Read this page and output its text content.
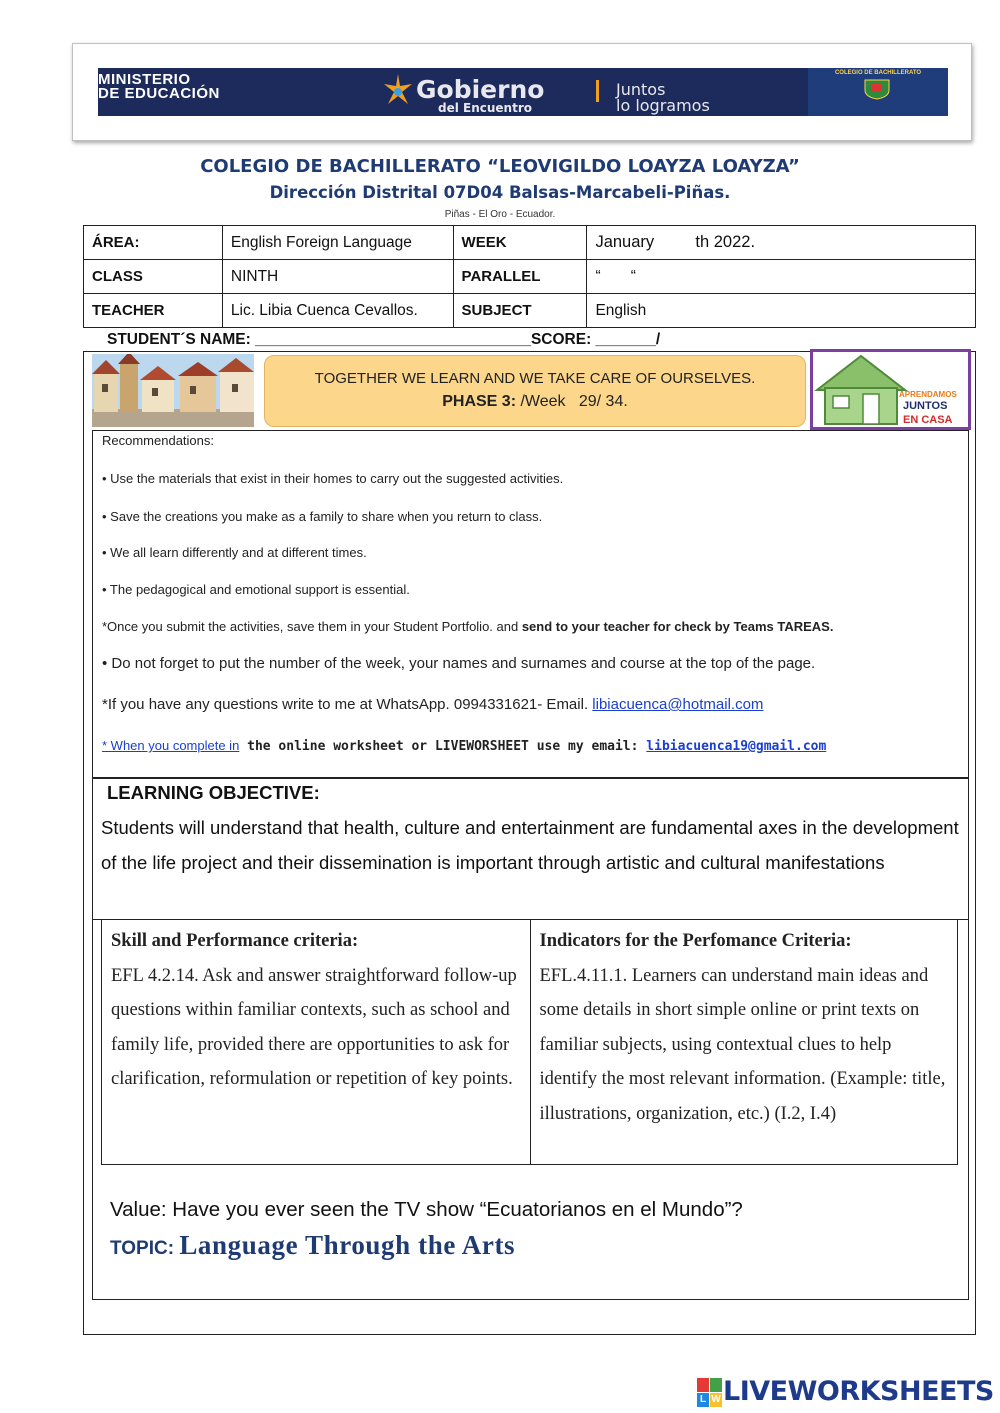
MINISTERIO
DE EDUCACIÓN	Gobierno
del Encuentro
Juntos
lo logramos
COLEGIO DE BACHILLERATO
COLEGIO DE BACHILLERATO “LEOVIGILDO LOAYZA LOAYZA”
Dirección Distrital 07D04 Balsas-Marcabeli-Piñas.
Piñas - El Oro - Ecuador.
ÁREA:	English Foreign Language	WEEK	January         th 2022.
CLASS	NINTH	PARALLEL	“       “
TEACHER	Lic. Libia Cuenca Cevallos.	SUBJECT	English
STUDENT´S NAME: ________________________________SCORE: _______/
TOGETHER WE LEARN AND WE TAKE CARE OF OURSELVES.
PHASE 3: /Week   29/ 34.	APRENDAMOS
JUNTOS
EN CASA
Recommendations:
• Use the materials that exist in their homes to carry out the suggested activities.
• Save the creations you make as a family to share when you return to class.
• We all learn differently and at different times.
• The pedagogical and emotional support is essential.
*Once you submit the activities, save them in your Student Portfolio. and send to your teacher for check by Teams TAREAS.
• Do not forget to put the number of the week, your names and surnames and course at the top of the page.
*If you have any questions write to me at WhatsApp. 0994331621- Email. libiacuenca@hotmail.com
* When you complete in the online worksheet or LIVEWORSHEET use my email: libiacuenca19@gmail.com
LEARNING OBJECTIVE:
Students will understand that health, culture and entertainment are fundamental axes in the development of the life project and their dissemination is important through artistic and cultural manifestations
Skill and Performance criteria:
EFL 4.2.14. Ask and answer straightforward follow-up questions within familiar contexts, such as school and family life, provided there are opportunities to ask for clarification, reformulation or repetition of key points.

Indicators for the Perfomance Criteria:
EFL.4.11.1. Learners can understand main ideas and some details in short simple online or print texts on familiar subjects, using contextual clues to help identify the most relevant information. (Example: title, illustrations, organization, etc.) (I.2, I.4)
Value: Have you ever seen the TV show “Ecuatorianos en el Mundo”?
TOPIC: Language Through the Arts
L W LIVEWORKSHEETS
